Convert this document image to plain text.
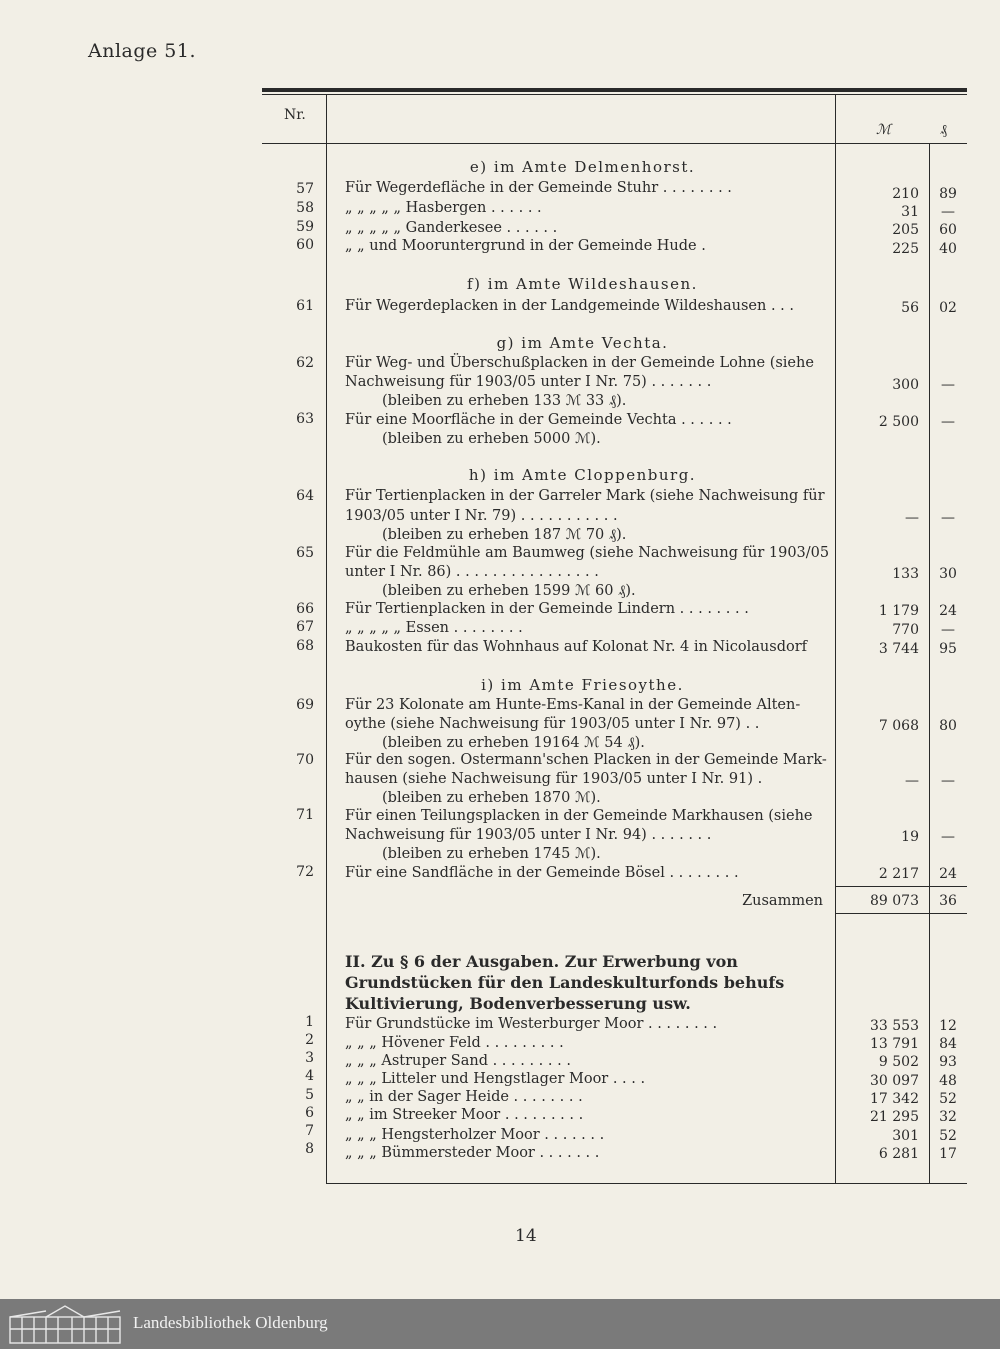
Anlage 51.
Nr.
ℳ	₰
e) im Amte Delmenhorst.
57 Für Wegerdefläche in der Gemeinde Stuhr . . . . . . . .	210	89
58 „ „ „ „ „ Hasbergen . . . . . .	31	—
59 „ „ „ „ „ Ganderkesee . . . . . .	205	60
60 „ „ und Mooruntergrund in der Gemeinde Hude .	225	40
f) im Amte Wildeshausen.
61 Für Wegerdeplacken in der Landgemeinde Wildeshausen . . .	56	02
g) im Amte Vechta.
62 Für Weg- und Überschußplacken in der Gemeinde Lohne (siehe
Nachweisung für 1903/05 unter I Nr. 75) . . . . . . .
(bleiben zu erheben 133 ℳ 33 ₰).
300	—
63 Für eine Moorfläche in der Gemeinde Vechta . . . . . .
(bleiben zu erheben 5000 ℳ).
2 500	—
h) im Amte Cloppenburg.
64 Für Tertienplacken in der Garreler Mark (siehe Nachweisung für
1903/05 unter I Nr. 79) . . . . . . . . . . .
(bleiben zu erheben 187 ℳ 70 ₰).
—	—
65 Für die Feldmühle am Baumweg (siehe Nachweisung für 1903/05
unter I Nr. 86) . . . . . . . . . . . . . . . .
(bleiben zu erheben 1599 ℳ 60 ₰).
133	30
66 Für Tertienplacken in der Gemeinde Lindern . . . . . . . .	1 179	24
67 „ „ „ „ „ Essen . . . . . . . .	770	—
68 Baukosten für das Wohnhaus auf Kolonat Nr. 4 in Nicolausdorf	3 744	95
i) im Amte Friesoythe.
69 Für 23 Kolonate am Hunte-Ems-Kanal in der Gemeinde Alten-
oythe (siehe Nachweisung für 1903/05 unter I Nr. 97) . .
(bleiben zu erheben 19164 ℳ 54 ₰).
7 068	80
70 Für den sogen. Ostermann'schen Placken in der Gemeinde Mark-
hausen (siehe Nachweisung für 1903/05 unter I Nr. 91) .
(bleiben zu erheben 1870 ℳ).
—	—
71 Für einen Teilungsplacken in der Gemeinde Markhausen (siehe
Nachweisung für 1903/05 unter I Nr. 94) . . . . . . .
(bleiben zu erheben 1745 ℳ).
19	—
72 Für eine Sandfläche in der Gemeinde Bösel . . . . . . . .	2 217	24
Zusammen	89 073	36
II. Zu § 6 der Ausgaben. Zur Erwerbung von Grundstücken für den Landeskulturfonds behufs Kultivierung, Bodenverbesserung usw.
1 Für Grundstücke im Westerburger Moor . . . . . . . .	33 553	12
2 „ „ „ Hövener Feld . . . . . . . . .	13 791	84
3 „ „ „ Astruper Sand . . . . . . . . .	9 502	93
4 „ „ „ Litteler und Hengstlager Moor . . . .	30 097	48
5 „ „ in der Sager Heide . . . . . . . .	17 342	52
6 „ „ im Streeker Moor . . . . . . . . .	21 295	32
7 „ „ „ Hengsterholzer Moor . . . . . . .	301	52
8 „ „ „ Bümmersteder Moor . . . . . . .	6 281	17
14
Landesbibliothek Oldenburg
